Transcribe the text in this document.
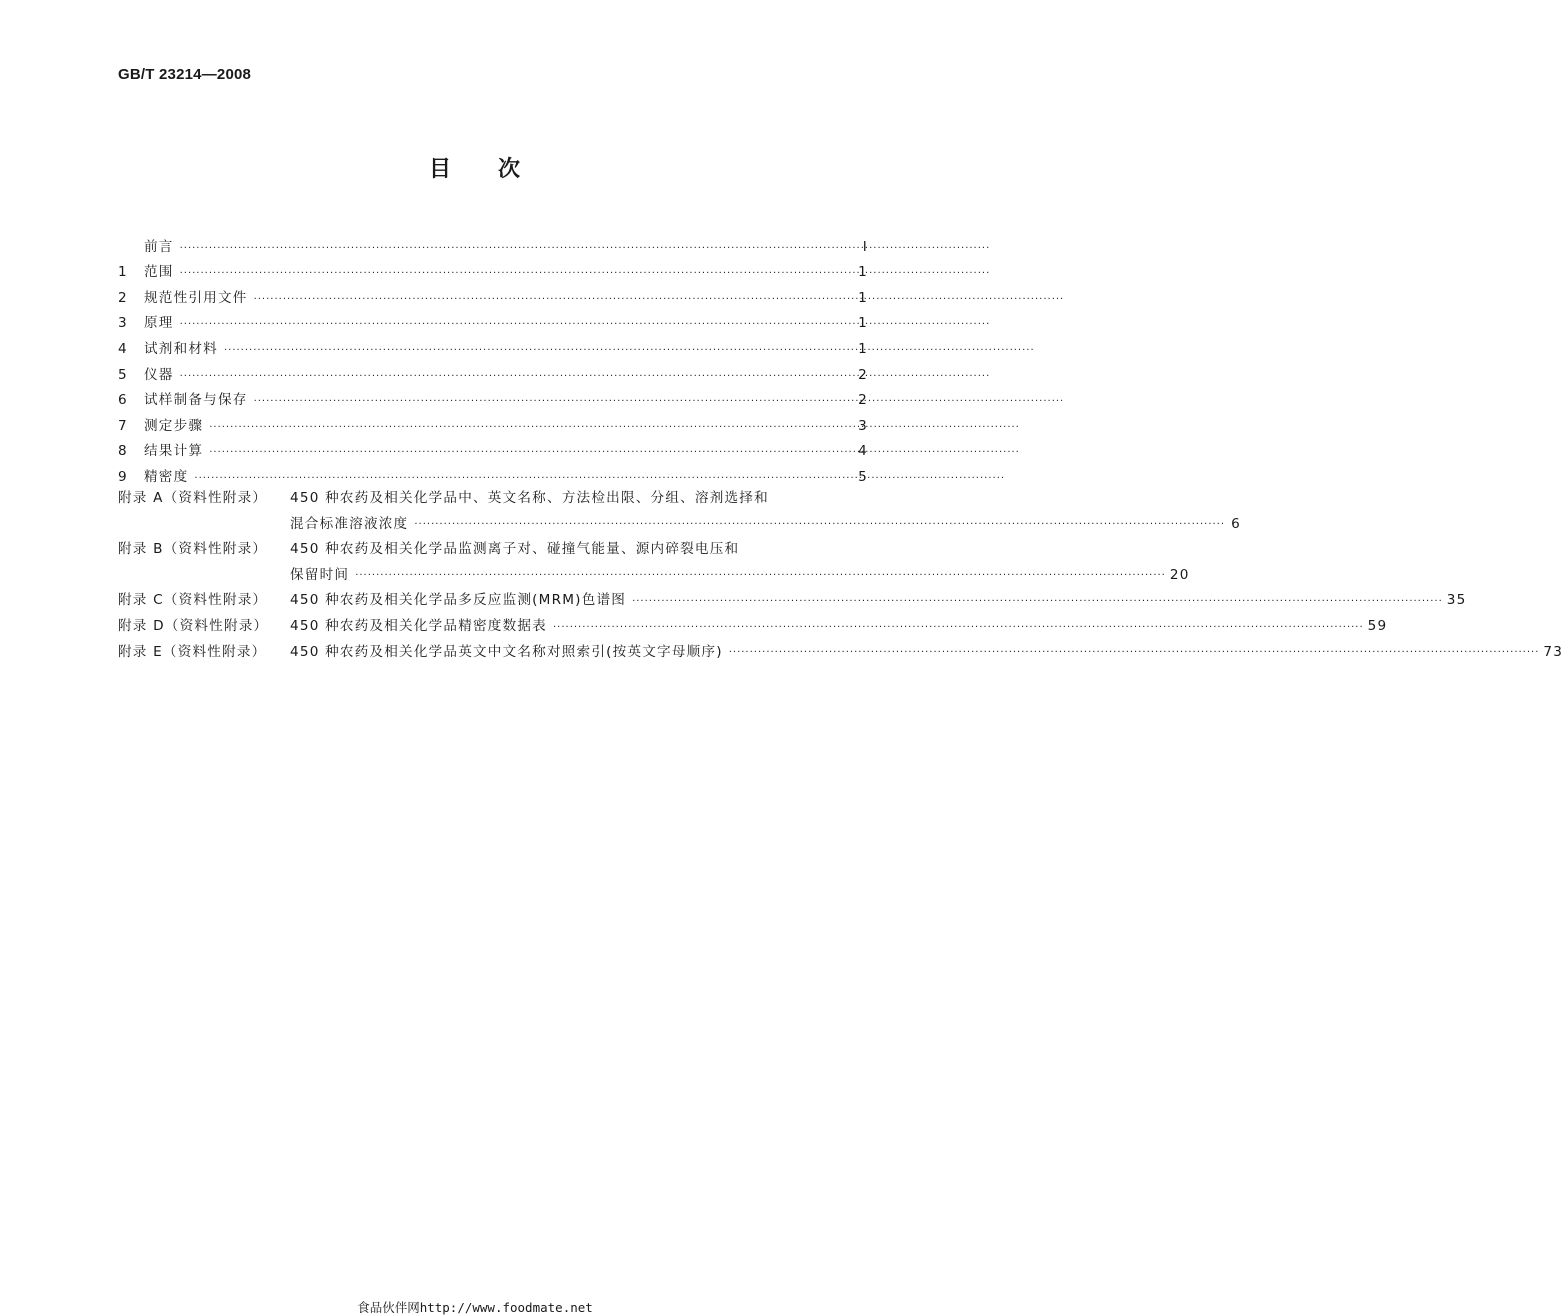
GB/T 23214—2008
目 次
前言 ·····	I
1	范围 ·····	1
2	规范性引用文件 ·····	1
3	原理 ·····	1
4	试剂和材料 ·····	1
5	仪器 ·····	2
6	试样制备与保存 ·····	2
7	测定步骤 ·····	3
8	结果计算 ·····	4
9	精密度 ·····	5
附录 A（资料性附录）	450 种农药及相关化学品中、英文名称、方法检出限、分组、溶剂选择和
混合标准溶液浓度 ·····	6
附录 B（资料性附录）	450 种农药及相关化学品监测离子对、碰撞气能量、源内碎裂电压和
保留时间 ·····	20
附录 C（资料性附录）	450 种农药及相关化学品多反应监测(MRM)色谱图 ·····	35
附录 D（资料性附录）	450 种农药及相关化学品精密度数据表 ·····	59
附录 E（资料性附录）	450 种农药及相关化学品英文中文名称对照索引(按英文字母顺序) ·····	73
食品伙伴网http://www.foodmate.net
